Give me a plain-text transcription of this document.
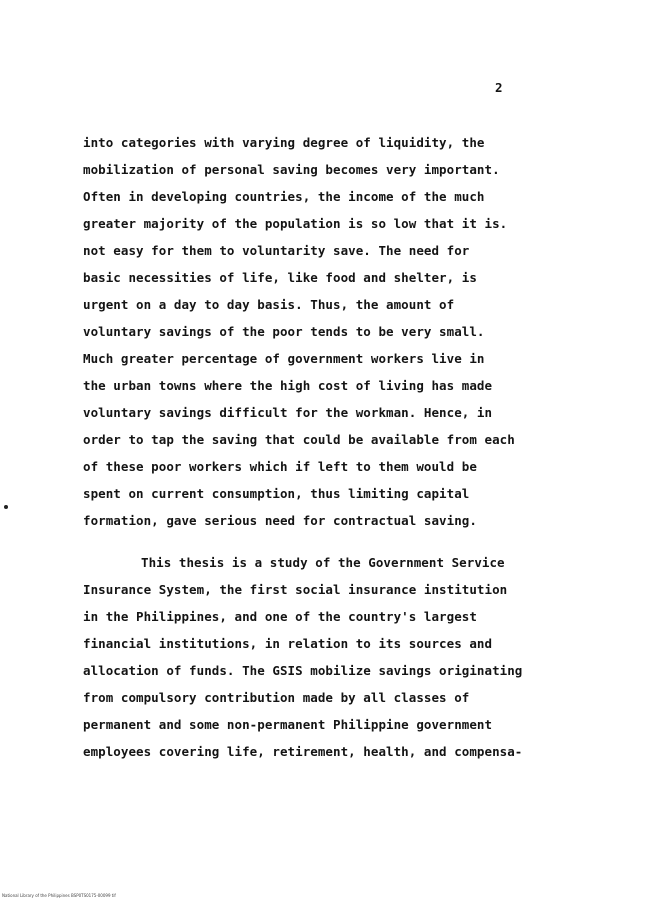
2
into categories with varying degree of liquidity, the
mobilization of personal saving becomes very important.
Often in developing countries, the income of the much
greater majority of the population is so low that it is.
not easy for them to voluntarity save. The need for
basic necessities of life, like food and shelter, is
urgent on a day to day basis. Thus, the amount of
voluntary savings of the poor tends to be very small.
Much greater percentage of government workers live in
the urban towns where the high cost of living has made
voluntary savings difficult for the workman. Hence, in
order to tap the saving that could be available from each
of these poor workers which if left to them would be
spent on current consumption, thus limiting capital
formation, gave serious need for contractual saving.
This thesis is a study of the Government Service
Insurance System, the first social insurance institution
in the Philippines, and one of the country's largest
financial institutions, in relation to its sources and
allocation of funds. The GSIS mobilize savings originating
from compulsory contribution made by all classes of
permanent and some non-permanent Philippine government
employees covering life, retirement, health, and compensa-
National Library of the Philippines BSP0TS0175-00099 tif
